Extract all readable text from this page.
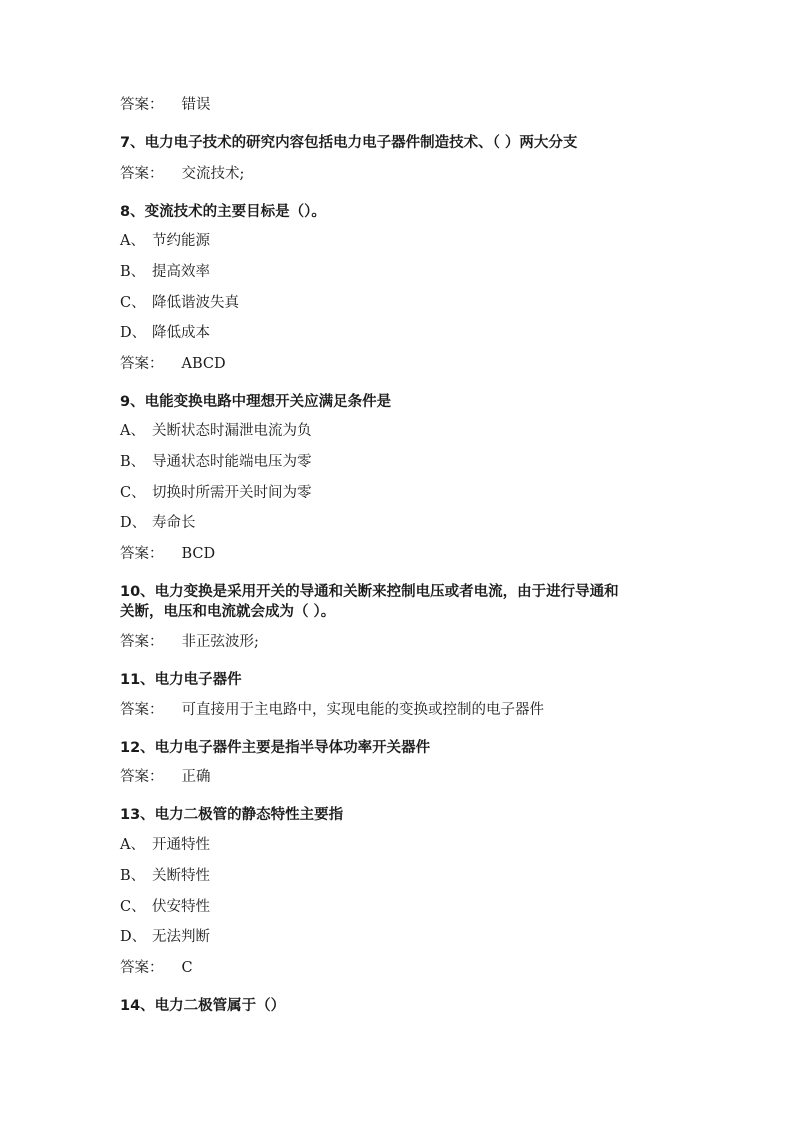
答案： 错误
7、电力电子技术的研究内容包括电力电子器件制造技术、（ ）两大分支
答案： 交流技术;
8、变流技术的主要目标是（）。
A、 节约能源
B、 提高效率
C、 降低谐波失真
D、 降低成本
答案： ABCD
9、电能变换电路中理想开关应满足条件是
A、 关断状态时漏泄电流为负
B、 导通状态时能端电压为零
C、 切换时所需开关时间为零
D、 寿命长
答案： BCD
10、电力变换是采用开关的导通和关断来控制电压或者电流，由于进行导通和
关断，电压和电流就会成为（ ）。
答案： 非正弦波形;
11、电力电子器件
答案： 可直接用于主电路中，实现电能的变换或控制的电子器件
12、电力电子器件主要是指半导体功率开关器件
答案： 正确
13、电力二极管的静态特性主要指
A、 开通特性
B、 关断特性
C、 伏安特性
D、 无法判断
答案： C
14、电力二极管属于（）
